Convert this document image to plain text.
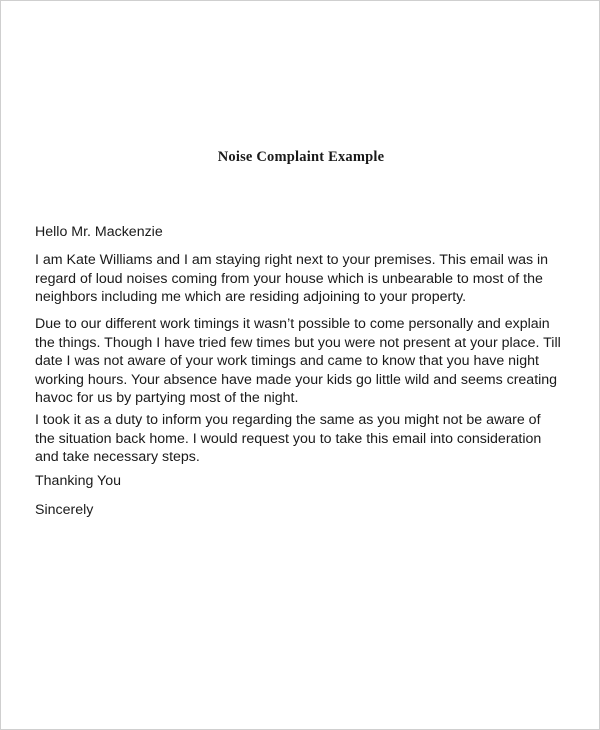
Noise Complaint Example

Hello Mr. Mackenzie

I am Kate Williams and I am staying right next to your premises. This email was in
regard of loud noises coming from your house which is unbearable to most of the
neighbors including me which are residing adjoining to your property.
Due to our different work timings it wasn’t possible to come personally and explain
the things. Though I have tried few times but you were not present at your place. Till
date I was not aware of your work timings and came to know that you have night
working hours. Your absence have made your kids go little wild and seems creating
havoc for us by partying most of the night.
I took it as a duty to inform you regarding the same as you might not be aware of
the situation back home. I would request you to take this email into consideration
and take necessary steps.

Thanking You

Sincerely
